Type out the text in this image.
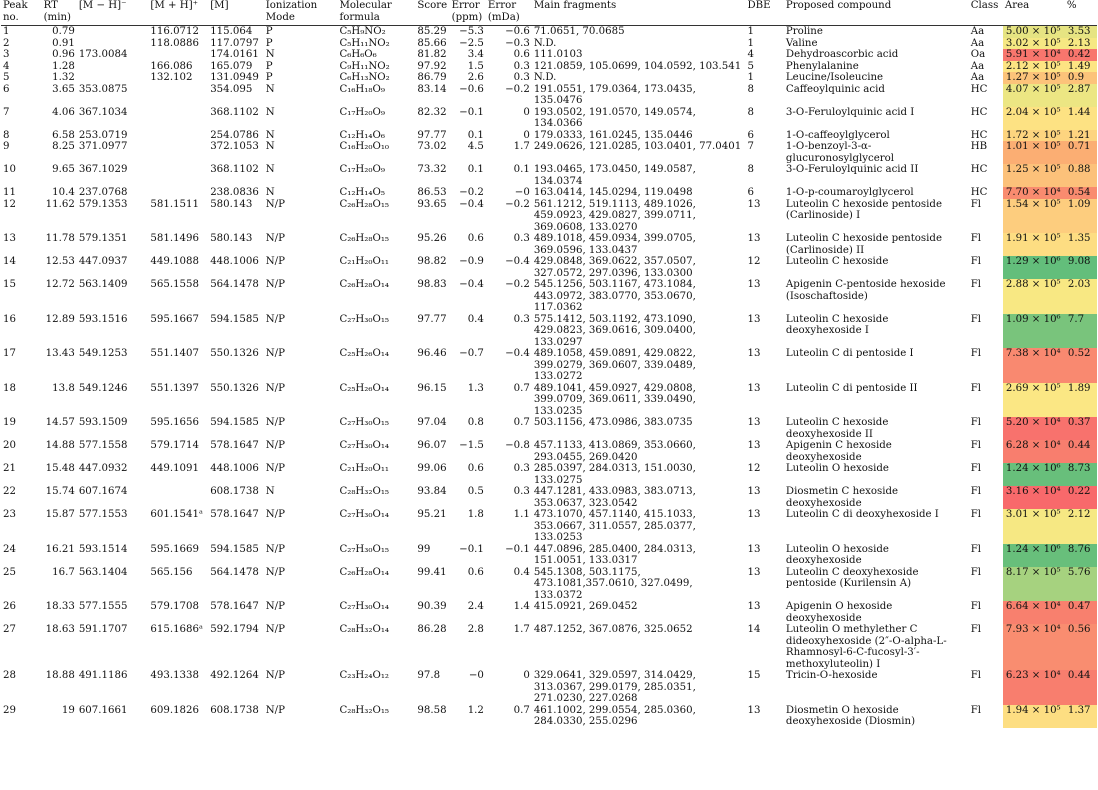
Peak no.	RT (min)	[M − H]⁻	[M + H]⁺	[M]	Ionization Mode	Molecular formula	Score	Error (ppm)	Error (mDa)	Main fragments	DBE	Proposed compound	Class	Area	%
1	0.79		116.0712	115.064	P	C₅H₉NO₂	85.29	−5.3	−0.6	71.0651, 70.0685	1	Proline	Aa	5.00 × 10⁵	3.53
2	0.91		118.0886	117.0797	P	C₅H₁₁NO₂	85.66	−2.5	−0.3	N.D.	1	Valine	Aa	3.02 × 10⁵	2.13
3	0.96	173.0084		174.0161	N	C₆H₆O₆	81.82	3.4	0.6	111.0103	4	Dehydroascorbic acid	Oa	5.91 × 10⁴	0.42
4	1.28		166.086	165.079	P	C₉H₁₁NO₂	97.92	1.5	0.3	121.0859, 105.0699, 104.0592, 103.541	5	Phenylalanine	Aa	2.12 × 10⁵	1.49
5	1.32		132.102	131.0949	P	C₆H₁₃NO₂	86.79	2.6	0.3	N.D.	1	Leucine/Isoleucine	Aa	1.27 × 10⁵	0.9
6	3.65	353.0875		354.095	N	C₁₆H₁₈O₉	83.14	−0.6	−0.2	191.0551, 179.0364, 173.0435, 135.0476	8	Caffeoylquinic acid	HC	4.07 × 10⁵	2.87
7	4.06	367.1034		368.1102	N	C₁₇H₂₀O₉	82.32	−0.1	0	193.0502, 191.0570, 149.0574, 134.0366	8	3-O-Feruloylquinic acid I	HC	2.04 × 10⁵	1.44
8	6.58	253.0719		254.0786	N	C₁₂H₁₄O₆	97.77	0.1	0	179.0333, 161.0245, 135.0446	6	1-O-caffeoylglycerol	HC	1.72 × 10⁵	1.21
9	8.25	371.0977		372.1053	N	C₁₆H₂₀O₁₀	73.02	4.5	1.7	249.0626, 121.0285, 103.0401, 77.0401	7	1-O-benzoyl-3-α-glucuronosylglycerol	HB	1.01 × 10⁵	0.71
10	9.65	367.1029		368.1102	N	C₁₇H₂₀O₉	73.32	0.1	0.1	193.0465, 173.0450, 149.0587, 134.0374	8	3-O-Feruloylquinic acid II	HC	1.25 × 10⁵	0.88
11	10.4	237.0768		238.0836	N	C₁₂H₁₄O₅	86.53	−0.2	−0	163.0414, 145.0294, 119.0498	6	1-O-p-coumaroylglycerol	HC	7.70 × 10⁴	0.54
12	11.62	579.1353	581.1511	580.143	N/P	C₂₆H₂₈O₁₅	93.65	−0.4	−0.2	561.1212, 519.1113, 489.1026, 459.0923, 429.0827, 399.0711, 369.0608, 133.0270	13	Luteolin C hexoside pentoside (Carlinoside) I	Fl	1.54 × 10⁵	1.09
13	11.78	579.1351	581.1496	580.143	N/P	C₂₆H₂₈O₁₅	95.26	0.6	0.3	489.1018, 459.0934, 399.0705, 369.0596, 133.0437	13	Luteolin C hexoside pentoside (Carlinoside) II	Fl	1.91 × 10⁵	1.35
14	12.53	447.0937	449.1088	448.1006	N/P	C₂₁H₂₀O₁₁	98.82	−0.9	−0.4	429.0848, 369.0622, 357.0507, 327.0572, 297.0396, 133.0300	12	Luteolin C hexoside	Fl	1.29 × 10⁶	9.08
15	12.72	563.1409	565.1558	564.1478	N/P	C₂₆H₂₈O₁₄	98.83	−0.4	−0.2	545.1256, 503.1167, 473.1084, 443.0972, 383.0770, 353.0670, 117.0362	13	Apigenin C-pentoside hexoside (Isoschaftoside)	Fl	2.88 × 10⁵	2.03
16	12.89	593.1516	595.1667	594.1585	N/P	C₂₇H₃₀O₁₅	97.77	0.4	0.3	575.1412, 503.1192, 473.1090, 429.0823, 369.0616, 309.0400, 133.0297	13	Luteolin C hexoside deoxyhexoside I	Fl	1.09 × 10⁶	7.7
17	13.43	549.1253	551.1407	550.1326	N/P	C₂₅H₂₆O₁₄	96.46	−0.7	−0.4	489.1058, 459.0891, 429.0822, 399.0279, 369.0607, 339.0489, 133.0272	13	Luteolin C di pentoside I	Fl	7.38 × 10⁴	0.52
18	13.8	549.1246	551.1397	550.1326	N/P	C₂₅H₂₆O₁₄	96.15	1.3	0.7	489.1041, 459.0927, 429.0808, 399.0709, 369.0611, 339.0490, 133.0235	13	Luteolin C di pentoside II	Fl	2.69 × 10⁵	1.89
19	14.57	593.1509	595.1656	594.1585	N/P	C₂₇H₃₀O₁₅	97.04	0.8	0.7	503.1156, 473.0986, 383.0735	13	Luteolin C hexoside deoxyhexoside II	Fl	5.20 × 10⁴	0.37
20	14.88	577.1558	579.1714	578.1647	N/P	C₂₇H₃₀O₁₄	96.07	−1.5	−0.8	457.1133, 413.0869, 353.0660, 293.0455, 269.0420	13	Apigenin C hexoside deoxyhexoside	Fl	6.28 × 10⁴	0.44
21	15.48	447.0932	449.1091	448.1006	N/P	C₂₁H₂₀O₁₁	99.06	0.6	0.3	285.0397, 284.0313, 151.0030, 133.0275	12	Luteolin O hexoside	Fl	1.24 × 10⁶	8.73
22	15.74	607.1674		608.1738	N	C₂₈H₃₂O₁₅	93.84	0.5	0.3	447.1281, 433.0983, 383.0713, 353.0637, 323.0542	13	Diosmetin C hexoside deoxyhexoside	Fl	3.16 × 10⁴	0.22
23	15.87	577.1553	601.1541ᵃ	578.1647	N/P	C₂₇H₃₀O₁₄	95.21	1.8	1.1	473.1070, 457.1140, 415.1033, 353.0667, 311.0557, 285.0377, 133.0253	13	Luteolin C di deoxyhexoside I	Fl	3.01 × 10⁵	2.12
24	16.21	593.1514	595.1669	594.1585	N/P	C₂₇H₃₀O₁₅	99	−0.1	−0.1	447.0896, 285.0400, 284.0313, 151.0051, 133.0317	13	Luteolin O hexoside deoxyhexoside	Fl	1.24 × 10⁶	8.76
25	16.7	563.1404	565.156	564.1478	N/P	C₂₆H₂₈O₁₄	99.41	0.6	0.4	545.1308, 503.1175, 473.1081,357.0610, 327.0499, 133.0372	13	Luteolin C deoxyhexoside pentoside (Kurilensin A)	Fl	8.17 × 10⁵	5.76
26	18.33	577.1555	579.1708	578.1647	N/P	C₂₇H₃₀O₁₄	90.39	2.4	1.4	415.0921, 269.0452	13	Apigenin O hexoside deoxyhexoside	Fl	6.64 × 10⁴	0.47
27	18.63	591.1707	615.1686ᵃ	592.1794	N/P	C₂₈H₃₂O₁₄	86.28	2.8	1.7	487.1252, 367.0876, 325.0652	14	Luteolin O methylether C dideoxyhexoside (2″-O-alpha-L-Rhamnosyl-6-C-fucosyl-3′-methoxyluteolin) I	Fl	7.93 × 10⁴	0.56
28	18.88	491.1186	493.1338	492.1264	N/P	C₂₃H₂₄O₁₂	97.8	−0	0	329.0641, 329.0597, 314.0429, 313.0367, 299.0179, 285.0351, 271.0230, 227.0268	15	Tricin-O-hexoside	Fl	6.23 × 10⁴	0.44
29	19	607.1661	609.1826	608.1738	N/P	C₂₈H₃₂O₁₅	98.58	1.2	0.7	461.1002, 299.0554, 285.0360, 284.0330, 255.0296	13	Diosmetin O hexoside deoxyhexoside (Diosmin)	Fl	1.94 × 10⁵	1.37
